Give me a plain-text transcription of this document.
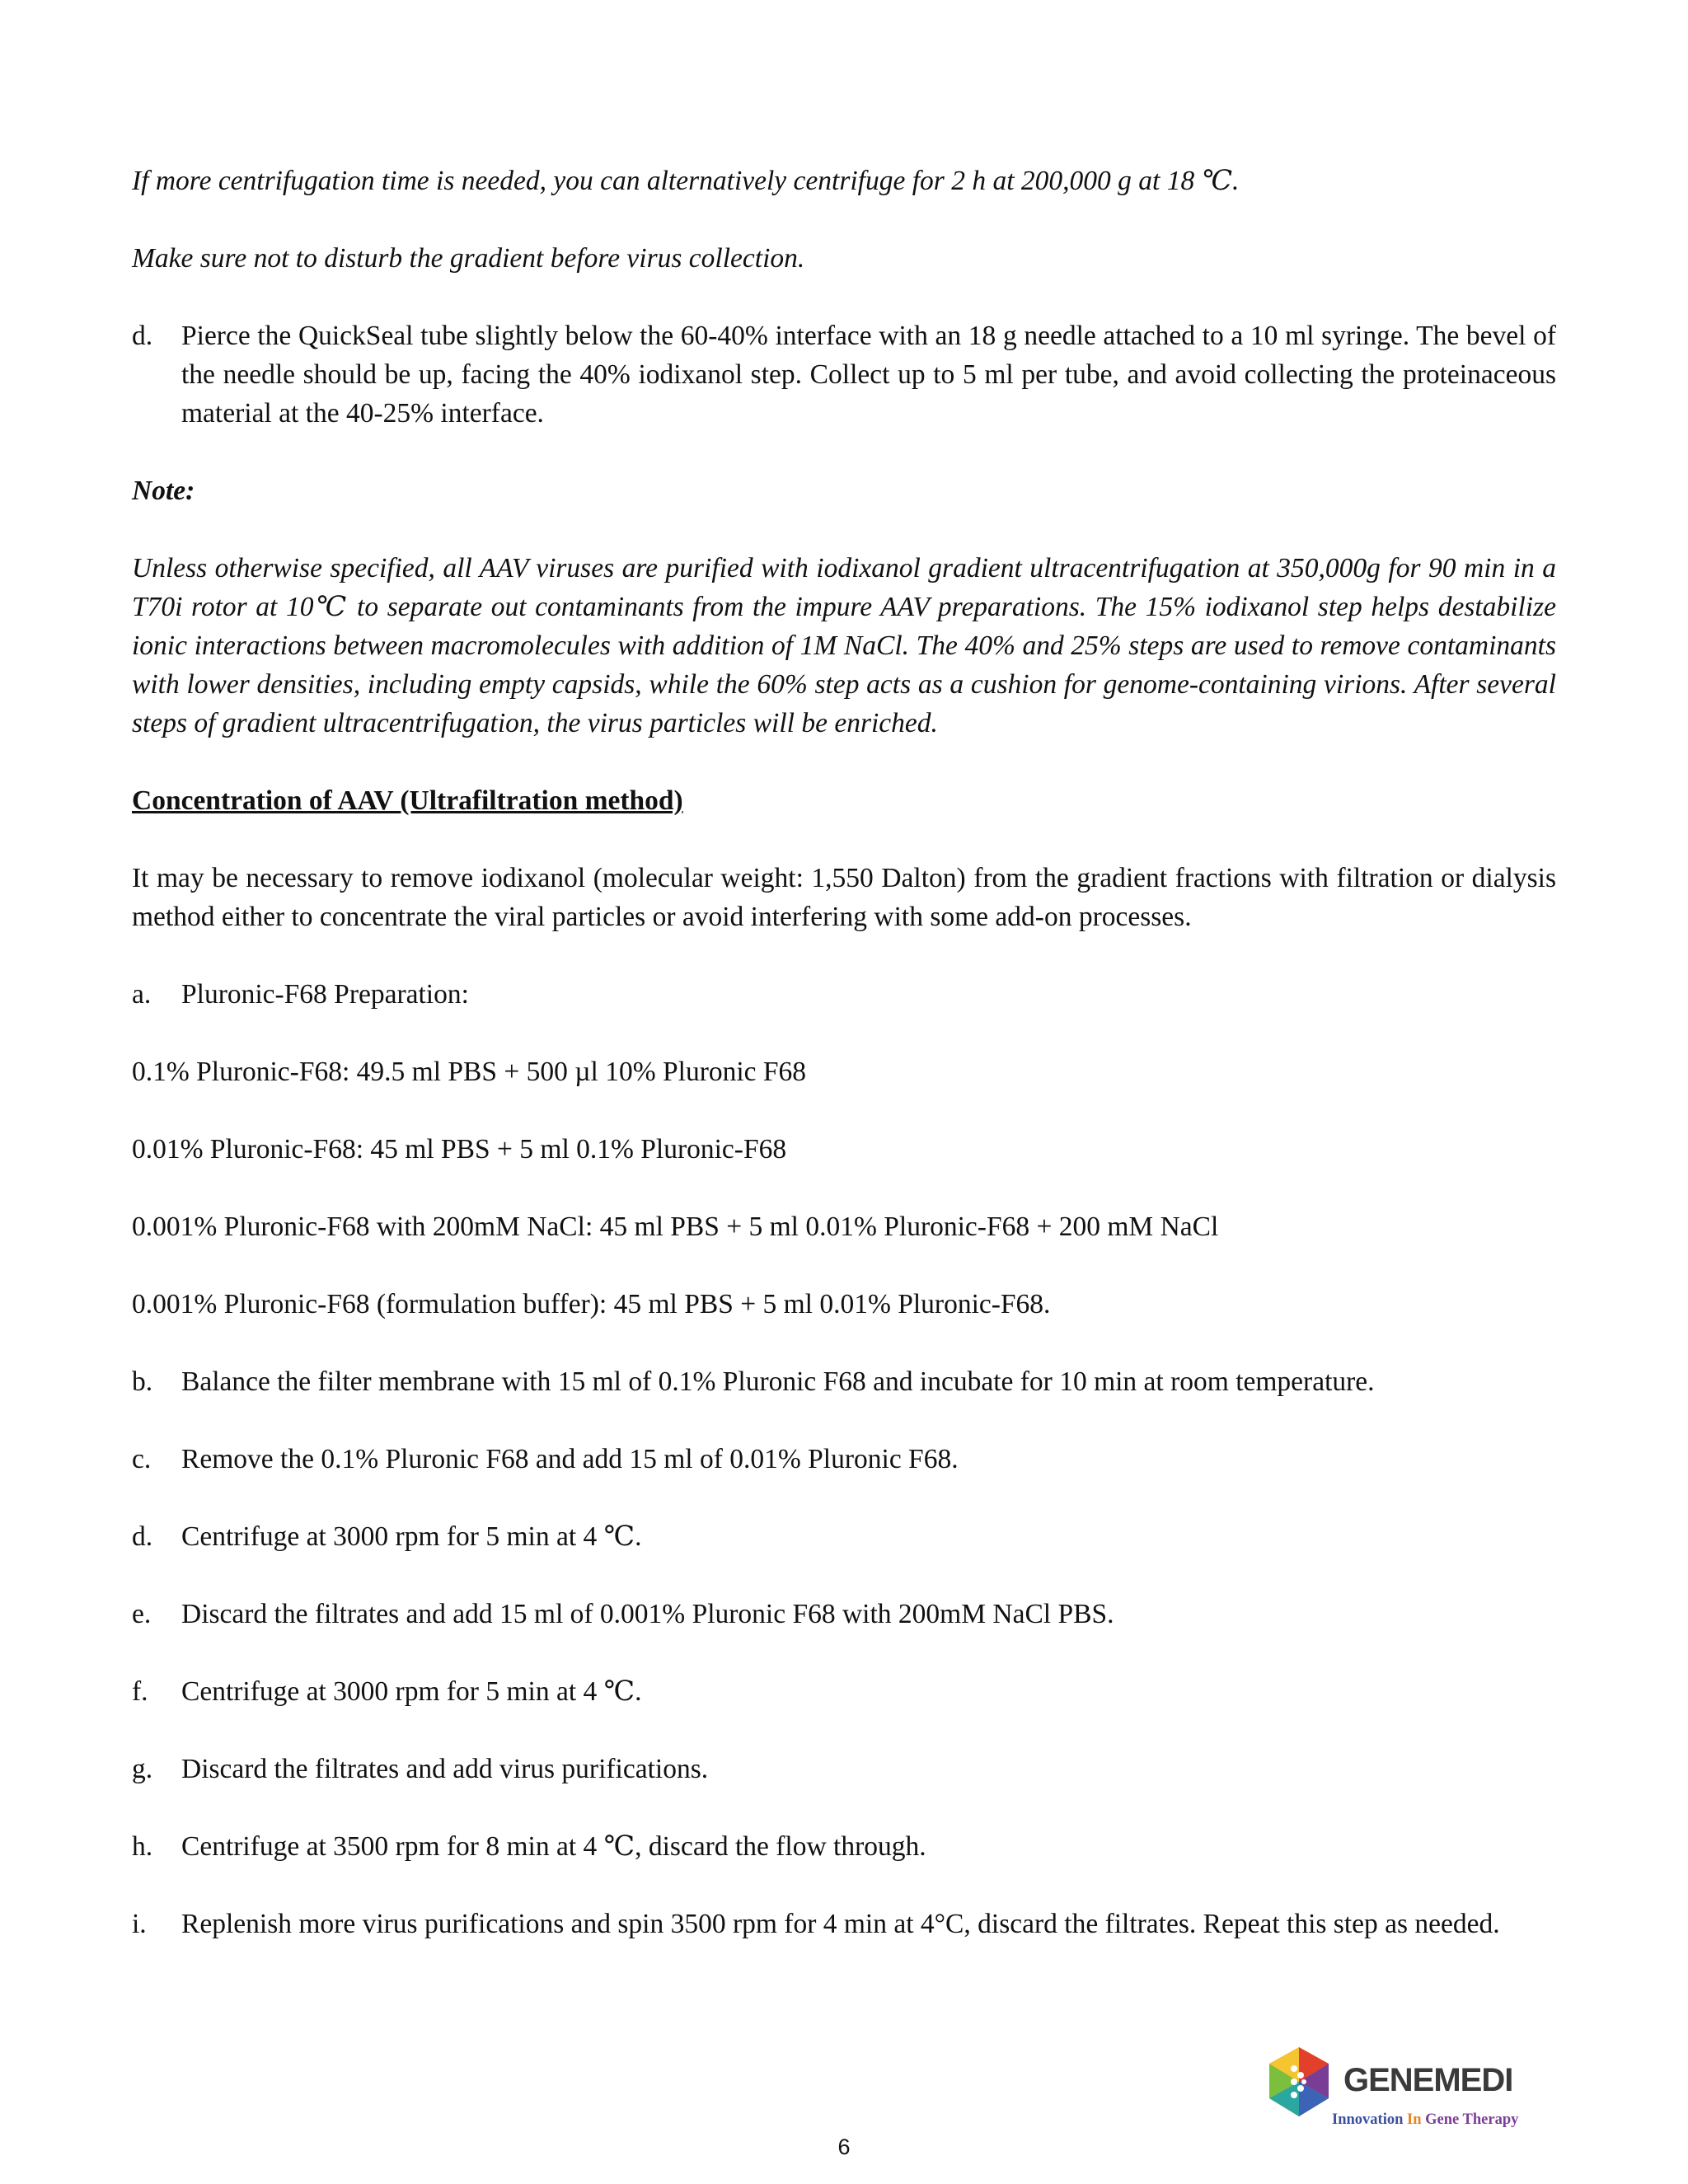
If more centrifugation time is needed, you can alternatively centrifuge for 2 h at 200,000 g at 18 ℃.

Make sure not to disturb the gradient before virus collection.

d.	Pierce the QuickSeal tube slightly below the 60-40% interface with an 18 g needle attached to a 10 ml syringe. The bevel of the needle should be up, facing the 40% iodixanol step. Collect up to 5 ml per tube, and avoid collecting the proteinaceous material at the 40-25% interface.

Note:

Unless otherwise specified, all AAV viruses are purified with iodixanol gradient ultracentrifugation at 350,000g for 90 min in a T70i rotor at 10℃ to separate out contaminants from the impure AAV preparations. The 15% iodixanol step helps destabilize ionic interactions between macromolecules with addition of 1M NaCl. The 40% and 25% steps are used to remove contaminants with lower densities, including empty capsids, while the 60% step acts as a cushion for genome-containing virions. After several steps of gradient ultracentrifugation, the virus particles will be enriched.

Concentration of AAV (Ultrafiltration method)

It may be necessary to remove iodixanol (molecular weight: 1,550 Dalton) from the gradient fractions with filtration or dialysis method either to concentrate the viral particles or avoid interfering with some add-on processes.

a.	Pluronic-F68 Preparation:

0.1% Pluronic-F68: 49.5 ml PBS + 500 µl 10% Pluronic F68

0.01% Pluronic-F68: 45 ml PBS + 5 ml 0.1% Pluronic-F68

0.001% Pluronic-F68 with 200mM NaCl: 45 ml PBS + 5 ml 0.01% Pluronic-F68 + 200 mM NaCl

0.001% Pluronic-F68 (formulation buffer): 45 ml PBS + 5 ml 0.01% Pluronic-F68.

b.	Balance the filter membrane with 15 ml of 0.1% Pluronic F68 and incubate for 10 min at room temperature.
c.	Remove the 0.1% Pluronic F68 and add 15 ml of 0.01% Pluronic F68.
d.	Centrifuge at 3000 rpm for 5 min at 4 ℃.
e.	Discard the filtrates and add 15 ml of 0.001% Pluronic F68 with 200mM NaCl PBS.
f.	Centrifuge at 3000 rpm for 5 min at 4 ℃.
g.	Discard the filtrates and add virus purifications.
h.	Centrifuge at 3500 rpm for 8 min at 4 ℃, discard the flow through.
i.	Replenish more virus purifications and spin 3500 rpm for 4 min at 4°C, discard the filtrates. Repeat this step as needed.
GENEMEDI
Innovation In Gene Therapy
6
